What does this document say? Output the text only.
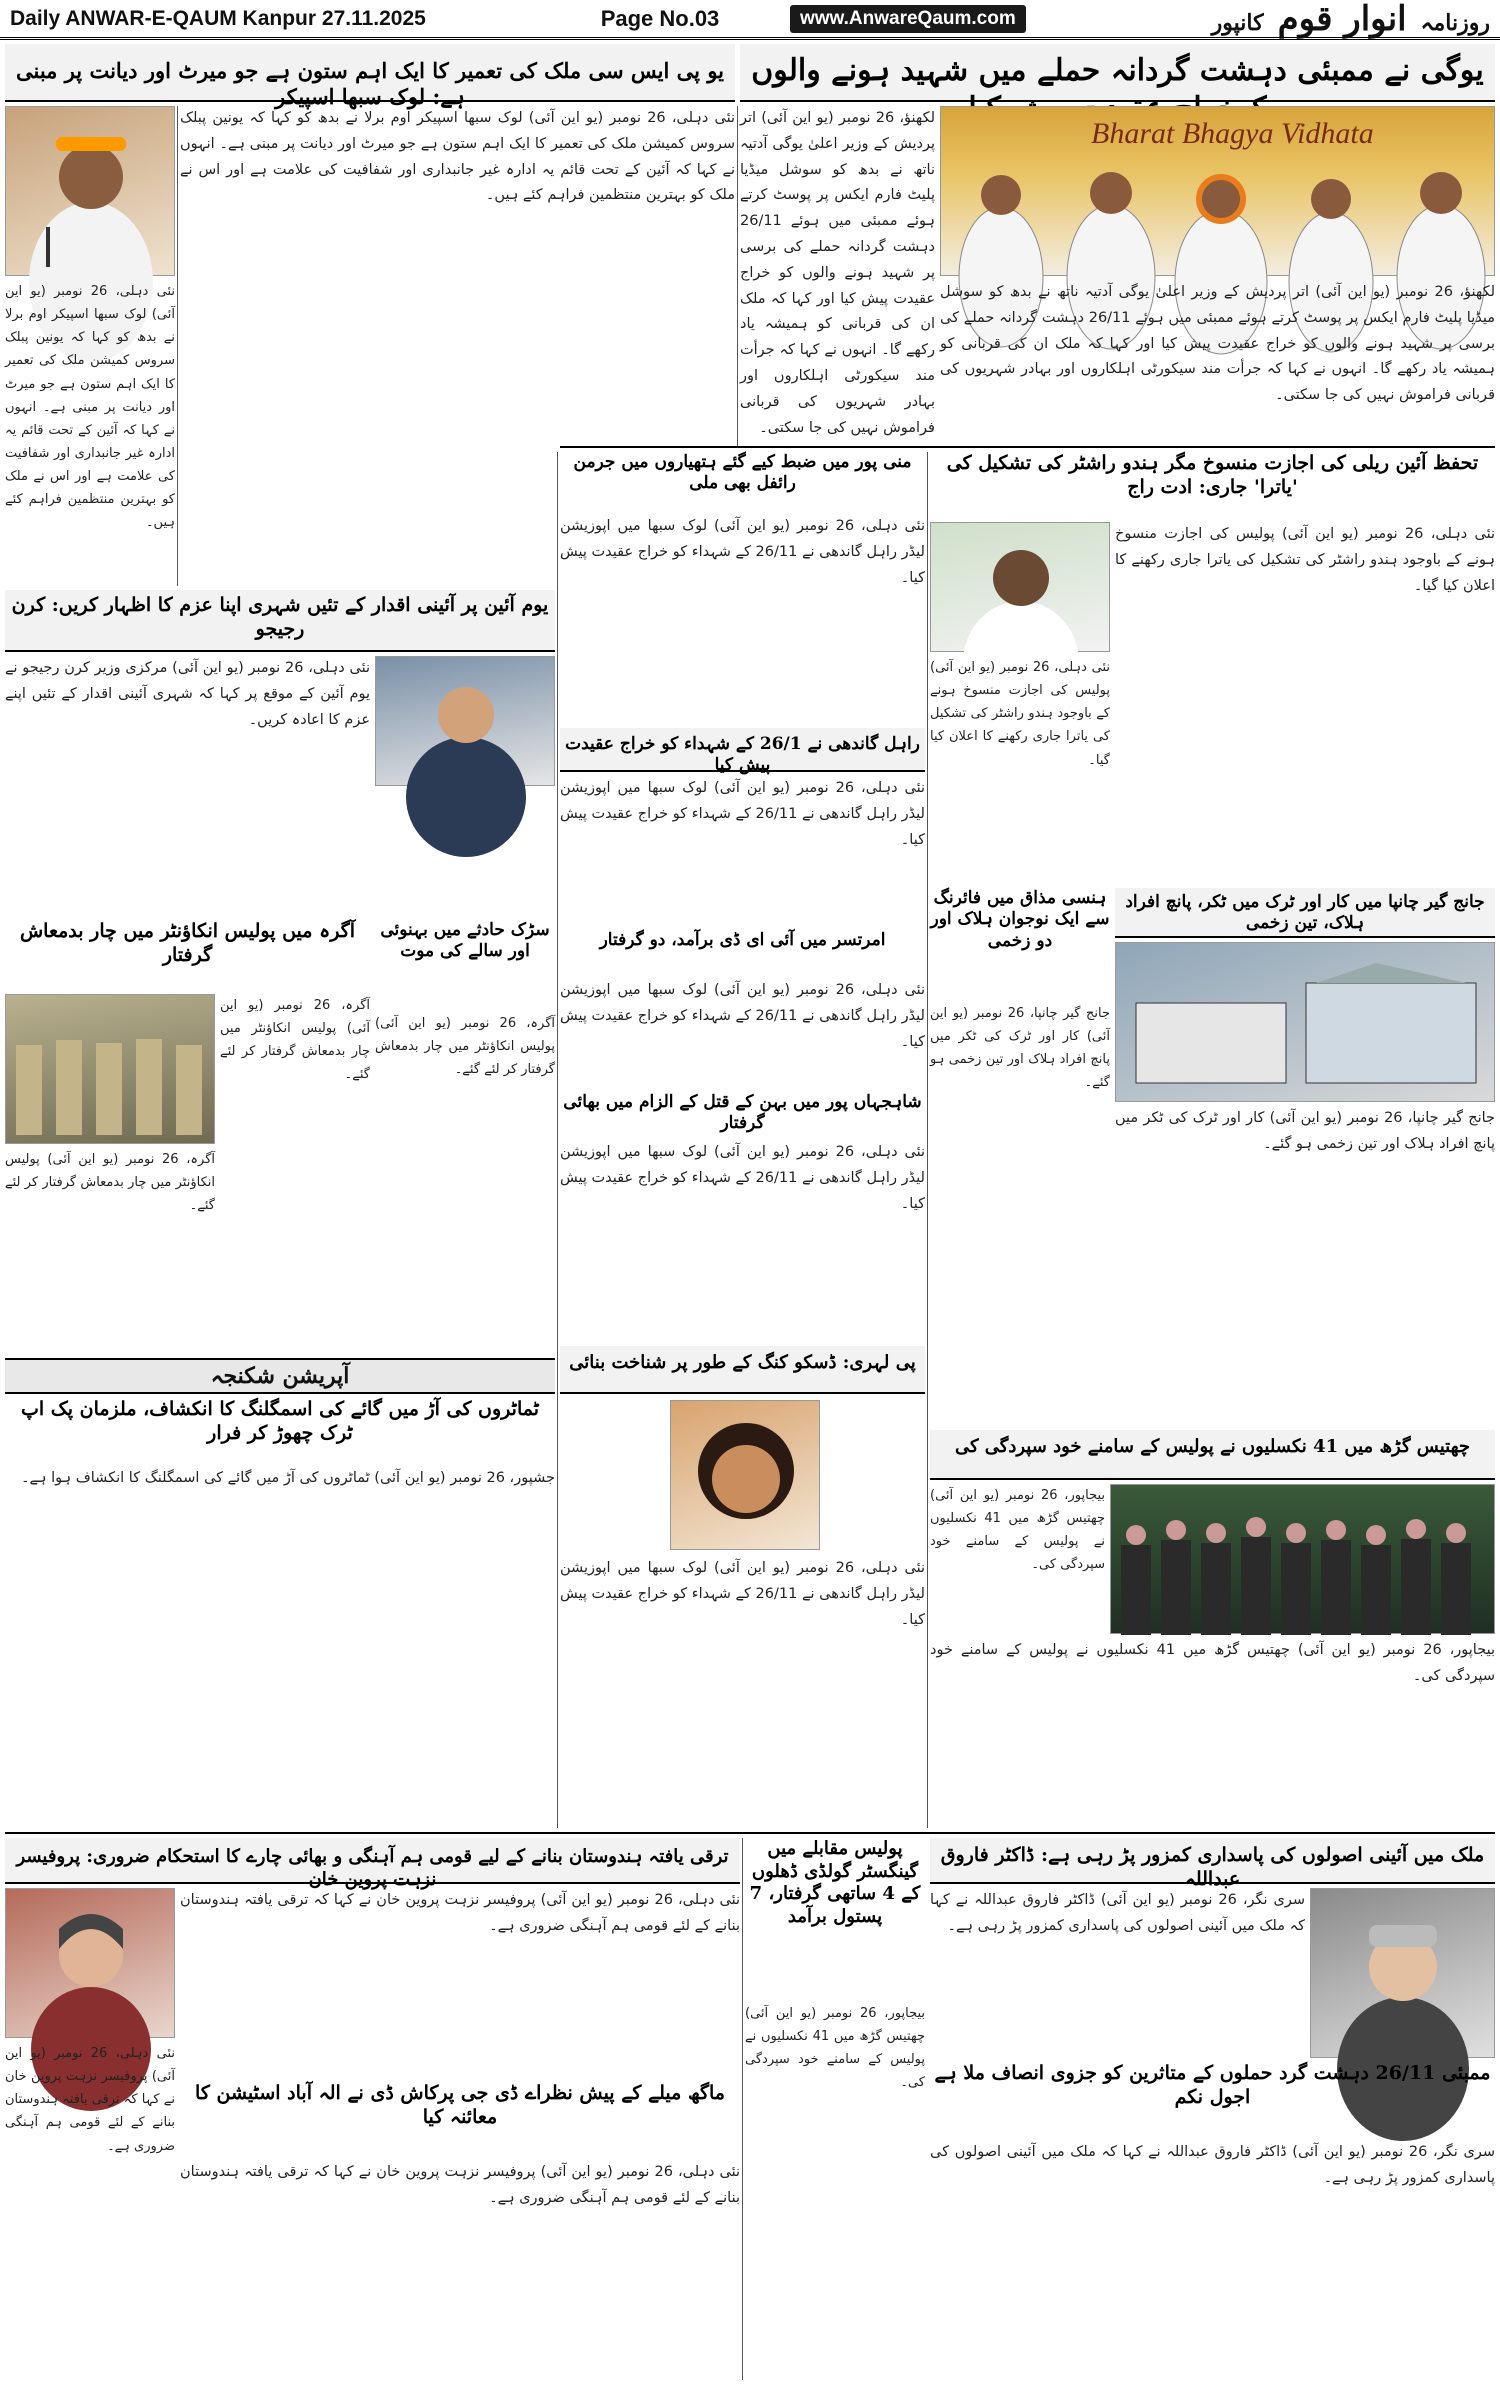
Daily ANWAR-E-QAUM Kanpur 27.11.2025	Page No.03	www.AnwareQaum.com	روزنامہ
انوار قوم
کانپور
یوگی نے ممبئی دہشت گردانہ حملے میں شہید ہونے والوں
یو پی ایس سی ملک کی تعمیر کا ایک اہم ستون ہے جو میرٹ اور دیانت پر مبنی ہے: لوک سبھا اسپیکر
Bharat Bhagya Vidhata
لکھنؤ، 26 نومبر (یو این آئی) اتر پردیش کے وزیر اعلیٰ یوگی آدتیہ ناتھ نے بدھ کو سوشل میڈیا پلیٹ فارم ایکس پر پوسٹ کرتے ہوئے ممبئی میں ہوئے 26/11 دہشت گردانہ حملے کی برسی پر شہید ہونے والوں کو خراج عقیدت پیش کیا اور کہا کہ ملک ان کی قربانی کو ہمیشہ یاد رکھے گا۔ انہوں نے کہا کہ جرأت مند سیکورٹی اہلکاروں اور بہادر شہریوں کی قربانی فراموش نہیں کی جا سکتی۔
نئی دہلی، 26 نومبر (یو این آئی) لوک سبھا اسپیکر اوم برلا نے بدھ کو کہا کہ یونین پبلک سروس کمیشن ملک کی تعمیر کا ایک اہم ستون ہے جو میرٹ اور دیانت پر مبنی ہے۔ انہوں نے کہا کہ آئین کے تحت قائم یہ ادارہ غیر جانبداری اور شفافیت کی علامت ہے اور اس نے ملک کو بہترین منتظمین فراہم کئے ہیں۔
نئی دہلی، 26 نومبر (یو این آئی) لوک سبھا اسپیکر اوم برلا نے بدھ کو کہا کہ یونین پبلک سروس کمیشن ملک کی تعمیر کا ایک اہم ستون ہے جو میرٹ اور دیانت پر مبنی ہے۔ انہوں نے کہا کہ آئین کے تحت قائم یہ ادارہ غیر جانبداری اور شفافیت کی علامت ہے اور اس نے ملک کو بہترین منتظمین فراہم کئے ہیں۔
لکھنؤ، 26 نومبر (یو این آئی) اتر پردیش کے وزیر اعلیٰ یوگی آدتیہ ناتھ نے بدھ کو سوشل میڈیا پلیٹ فارم ایکس پر پوسٹ کرتے ہوئے ممبئی میں ہوئے 26/11 دہشت گردانہ حملے کی برسی پر شہید ہونے والوں کو خراج عقیدت پیش کیا اور کہا کہ ملک ان کی قربانی کو ہمیشہ یاد رکھے گا۔ انہوں نے کہا کہ جرأت مند سیکورٹی اہلکاروں اور بہادر شہریوں کی قربانی فراموش نہیں کی جا سکتی۔
تحفظ آئین ریلی کی اجازت منسوخ مگر ہندو راشٹر کی تشکیل کی 'یاترا' جاری: ادت راج
نئی دہلی، 26 نومبر (یو این آئی) پولیس کی اجازت منسوخ ہونے کے باوجود ہندو راشٹر کی تشکیل کی یاترا جاری رکھنے کا اعلان کیا گیا۔
نئی دہلی، 26 نومبر (یو این آئی) پولیس کی اجازت منسوخ ہونے کے باوجود ہندو راشٹر کی تشکیل کی یاترا جاری رکھنے کا اعلان کیا گیا۔
جانج گیر چانپا میں کار اور ٹرک میں ٹکر، پانچ افراد ہلاک، تین زخمی
جانج گیر چانپا، 26 نومبر (یو این آئی) کار اور ٹرک کی ٹکر میں پانچ افراد ہلاک اور تین زخمی ہو گئے۔
ہنسی مذاق میں فائرنگ سے ایک نوجوان ہلاک اور دو زخمی
جانج گیر چانپا، 26 نومبر (یو این آئی) کار اور ٹرک کی ٹکر میں پانچ افراد ہلاک اور تین زخمی ہو گئے۔
منی پور میں ضبط کیے گئے ہتھیاروں میں جرمن رائفل بھی ملی
نئی دہلی، 26 نومبر (یو این آئی) لوک سبھا میں اپوزیشن لیڈر راہل گاندھی نے 26/11 کے شہداء کو خراج عقیدت پیش کیا۔
راہل گاندھی نے 26/1 کے شہداء کو خراج عقیدت پیش کیا
نئی دہلی، 26 نومبر (یو این آئی) لوک سبھا میں اپوزیشن لیڈر راہل گاندھی نے 26/11 کے شہداء کو خراج عقیدت پیش کیا۔
امرتسر میں آئی ای ڈی برآمد، دو گرفتار
نئی دہلی، 26 نومبر (یو این آئی) لوک سبھا میں اپوزیشن لیڈر راہل گاندھی نے 26/11 کے شہداء کو خراج عقیدت پیش کیا۔
شاہجہاں پور میں بہن کے قتل کے الزام میں بھائی گرفتار
نئی دہلی، 26 نومبر (یو این آئی) لوک سبھا میں اپوزیشن لیڈر راہل گاندھی نے 26/11 کے شہداء کو خراج عقیدت پیش کیا۔
پی لہری: ڈسکو کنگ کے طور پر شناخت بنائی
نئی دہلی، 26 نومبر (یو این آئی) لوک سبھا میں اپوزیشن لیڈر راہل گاندھی نے 26/11 کے شہداء کو خراج عقیدت پیش کیا۔
یوم آئین پر آئینی اقدار کے تئیں شہری اپنا عزم کا اظہار کریں: کرن رجیجو
نئی دہلی، 26 نومبر (یو این آئی) مرکزی وزیر کرن رجیجو نے یوم آئین کے موقع پر کہا کہ شہری آئینی اقدار کے تئیں اپنے عزم کا اعادہ کریں۔
سڑک حادثے میں بہنوئی اور سالے کی موت
آگرہ، 26 نومبر (یو این آئی) پولیس انکاؤنٹر میں چار بدمعاش گرفتار کر لئے گئے۔
آگرہ میں پولیس انکاؤنٹر میں چار بدمعاش گرفتار
آگرہ، 26 نومبر (یو این آئی) پولیس انکاؤنٹر میں چار بدمعاش گرفتار کر لئے گئے۔
آگرہ، 26 نومبر (یو این آئی) پولیس انکاؤنٹر میں چار بدمعاش گرفتار کر لئے گئے۔
آپریشن شکنجہ
ٹماٹروں کی آڑ میں گائے کی اسمگلنگ کا انکشاف، ملزمان پک اپ ٹرک چھوڑ کر فرار
جشپور، 26 نومبر (یو این آئی) ٹماٹروں کی آڑ میں گائے کی اسمگلنگ کا انکشاف ہوا ہے۔
چھتیس گڑھ میں 41 نکسلیوں نے پولیس کے سامنے خود سپردگی کی
بیجاپور، 26 نومبر (یو این آئی) چھتیس گڑھ میں 41 نکسلیوں نے پولیس کے سامنے خود سپردگی کی۔
بیجاپور، 26 نومبر (یو این آئی) چھتیس گڑھ میں 41 نکسلیوں نے پولیس کے سامنے خود سپردگی کی۔
ملک میں آئینی اصولوں کی پاسداری کمزور پڑ رہی ہے: ڈاکٹر فاروق عبداللہ
سری نگر، 26 نومبر (یو این آئی) ڈاکٹر فاروق عبداللہ نے کہا کہ ملک میں آئینی اصولوں کی پاسداری کمزور پڑ رہی ہے۔
ممبئی 26/11 دہشت گرد حملوں کے متاثرین کو جزوی انصاف ملا ہے اجول نکم
سری نگر، 26 نومبر (یو این آئی) ڈاکٹر فاروق عبداللہ نے کہا کہ ملک میں آئینی اصولوں کی پاسداری کمزور پڑ رہی ہے۔
پولیس مقابلے میں گینگسٹر گولڈی ڈھلوں کے 4 ساتھی گرفتار، 7 پستول برآمد
بیجاپور، 26 نومبر (یو این آئی) چھتیس گڑھ میں 41 نکسلیوں نے پولیس کے سامنے خود سپردگی کی۔
ترقی یافتہ ہندوستان بنانے کے لیے قومی ہم آہنگی و بھائی چارے کا استحکام ضروری: پروفیسر نزہت پروین خان
نئی دہلی، 26 نومبر (یو این آئی) پروفیسر نزہت پروین خان نے کہا کہ ترقی یافتہ ہندوستان بنانے کے لئے قومی ہم آہنگی ضروری ہے۔
نئی دہلی، 26 نومبر (یو این آئی) پروفیسر نزہت پروین خان نے کہا کہ ترقی یافتہ ہندوستان بنانے کے لئے قومی ہم آہنگی ضروری ہے۔
ماگھ میلے کے پیش نظراے ڈی جی پرکاش ڈی نے الہ آباد اسٹیشن کا معائنہ کیا
نئی دہلی، 26 نومبر (یو این آئی) پروفیسر نزہت پروین خان نے کہا کہ ترقی یافتہ ہندوستان بنانے کے لئے قومی ہم آہنگی ضروری ہے۔
